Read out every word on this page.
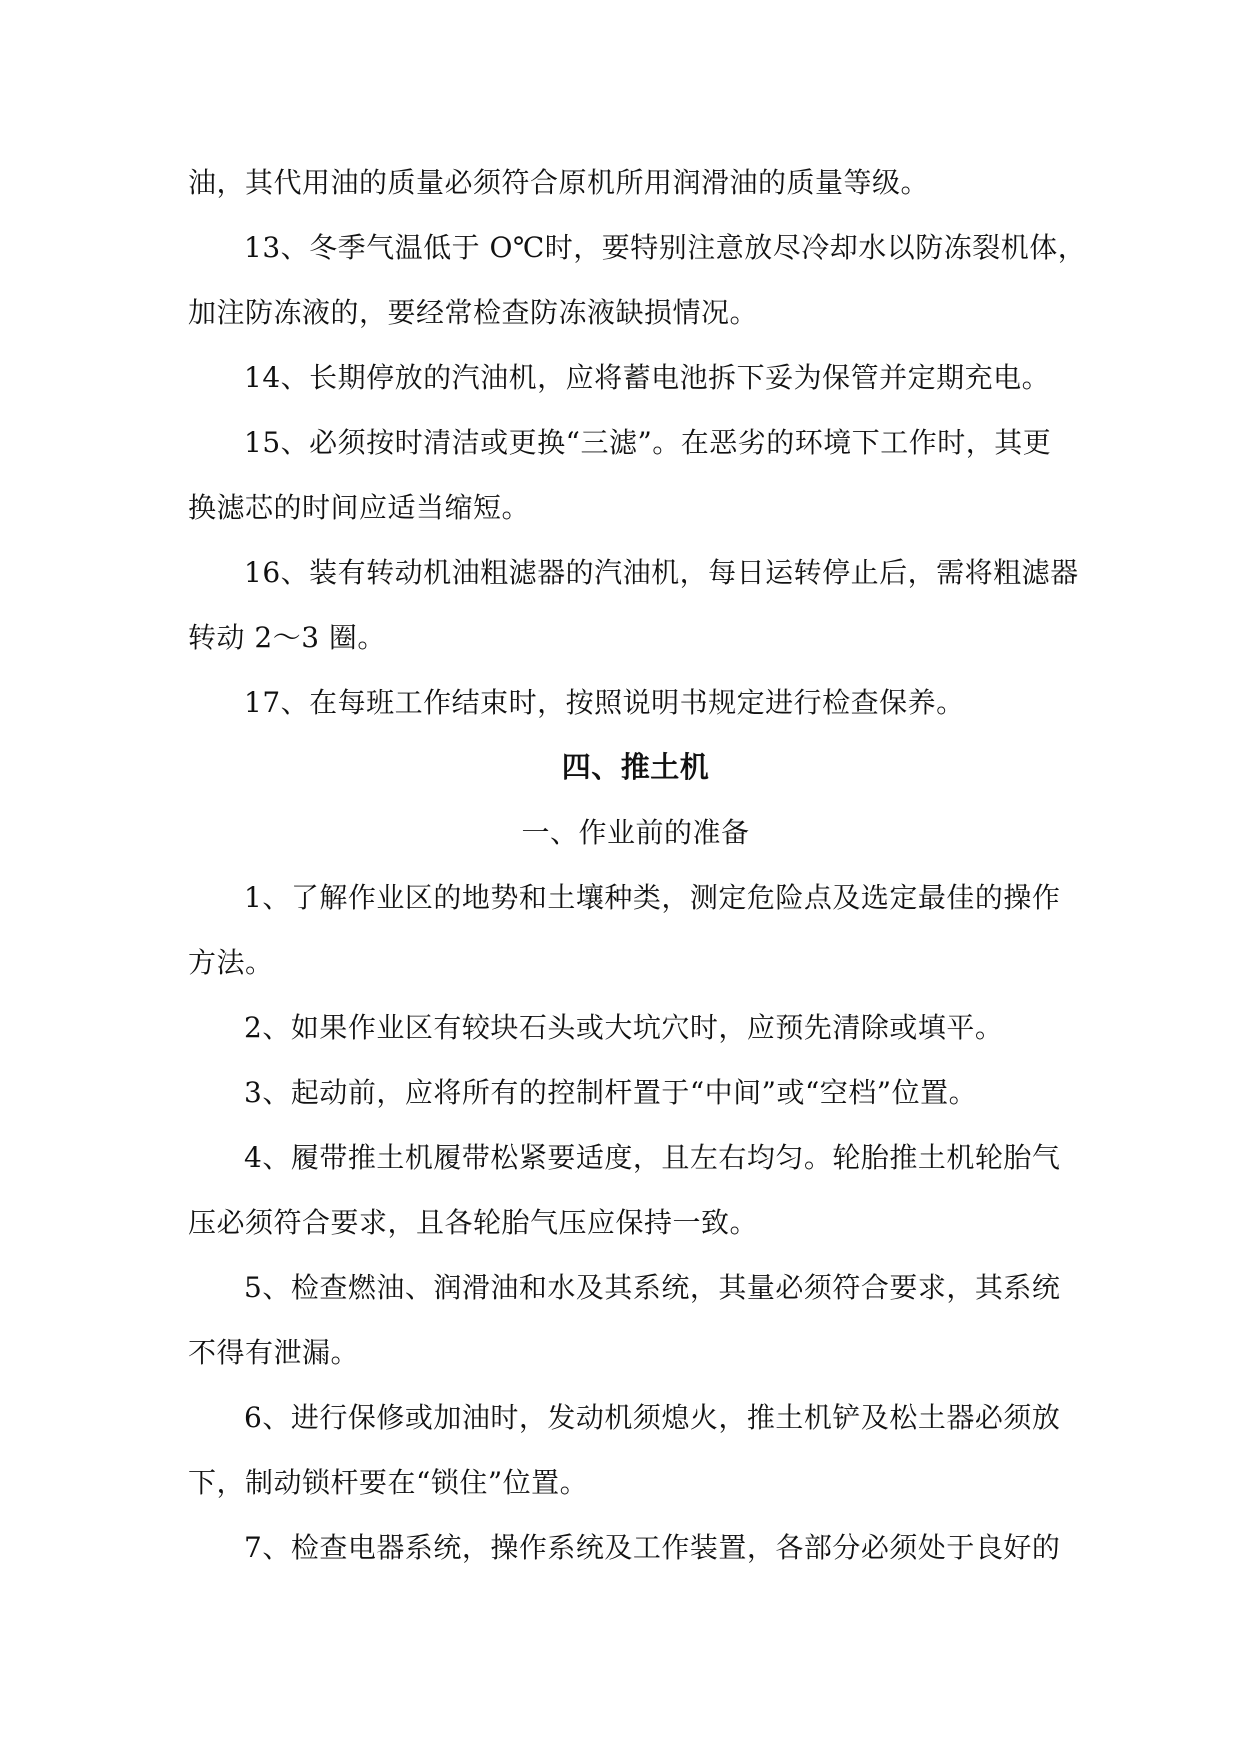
油，其代用油的质量必须符合原机所用润滑油的质量等级。
13、冬季气温低于 O℃时，要特别注意放尽冷却水以防冻裂机体，
加注防冻液的，要经常检查防冻液缺损情况。
14、长期停放的汽油机，应将蓄电池拆下妥为保管并定期充电。
15、必须按时清洁或更换“三滤”。在恶劣的环境下工作时，其更
换滤芯的时间应适当缩短。
16、装有转动机油粗滤器的汽油机，每日运转停止后，需将粗滤器
转动 2～3 圈。
17、在每班工作结束时，按照说明书规定进行检查保养。
四、推土机
一、作业前的准备
1、了解作业区的地势和土壤种类，测定危险点及选定最佳的操作
方法。
2、如果作业区有较块石头或大坑穴时，应预先清除或填平。
3、起动前，应将所有的控制杆置于“中间”或“空档”位置。
4、履带推土机履带松紧要适度，且左右均匀。轮胎推土机轮胎气
压必须符合要求，且各轮胎气压应保持一致。
5、检查燃油、润滑油和水及其系统，其量必须符合要求，其系统
不得有泄漏。
6、进行保修或加油时，发动机须熄火，推土机铲及松土器必须放
下，制动锁杆要在“锁住”位置。
7、检查电器系统，操作系统及工作装置，各部分必须处于良好的
